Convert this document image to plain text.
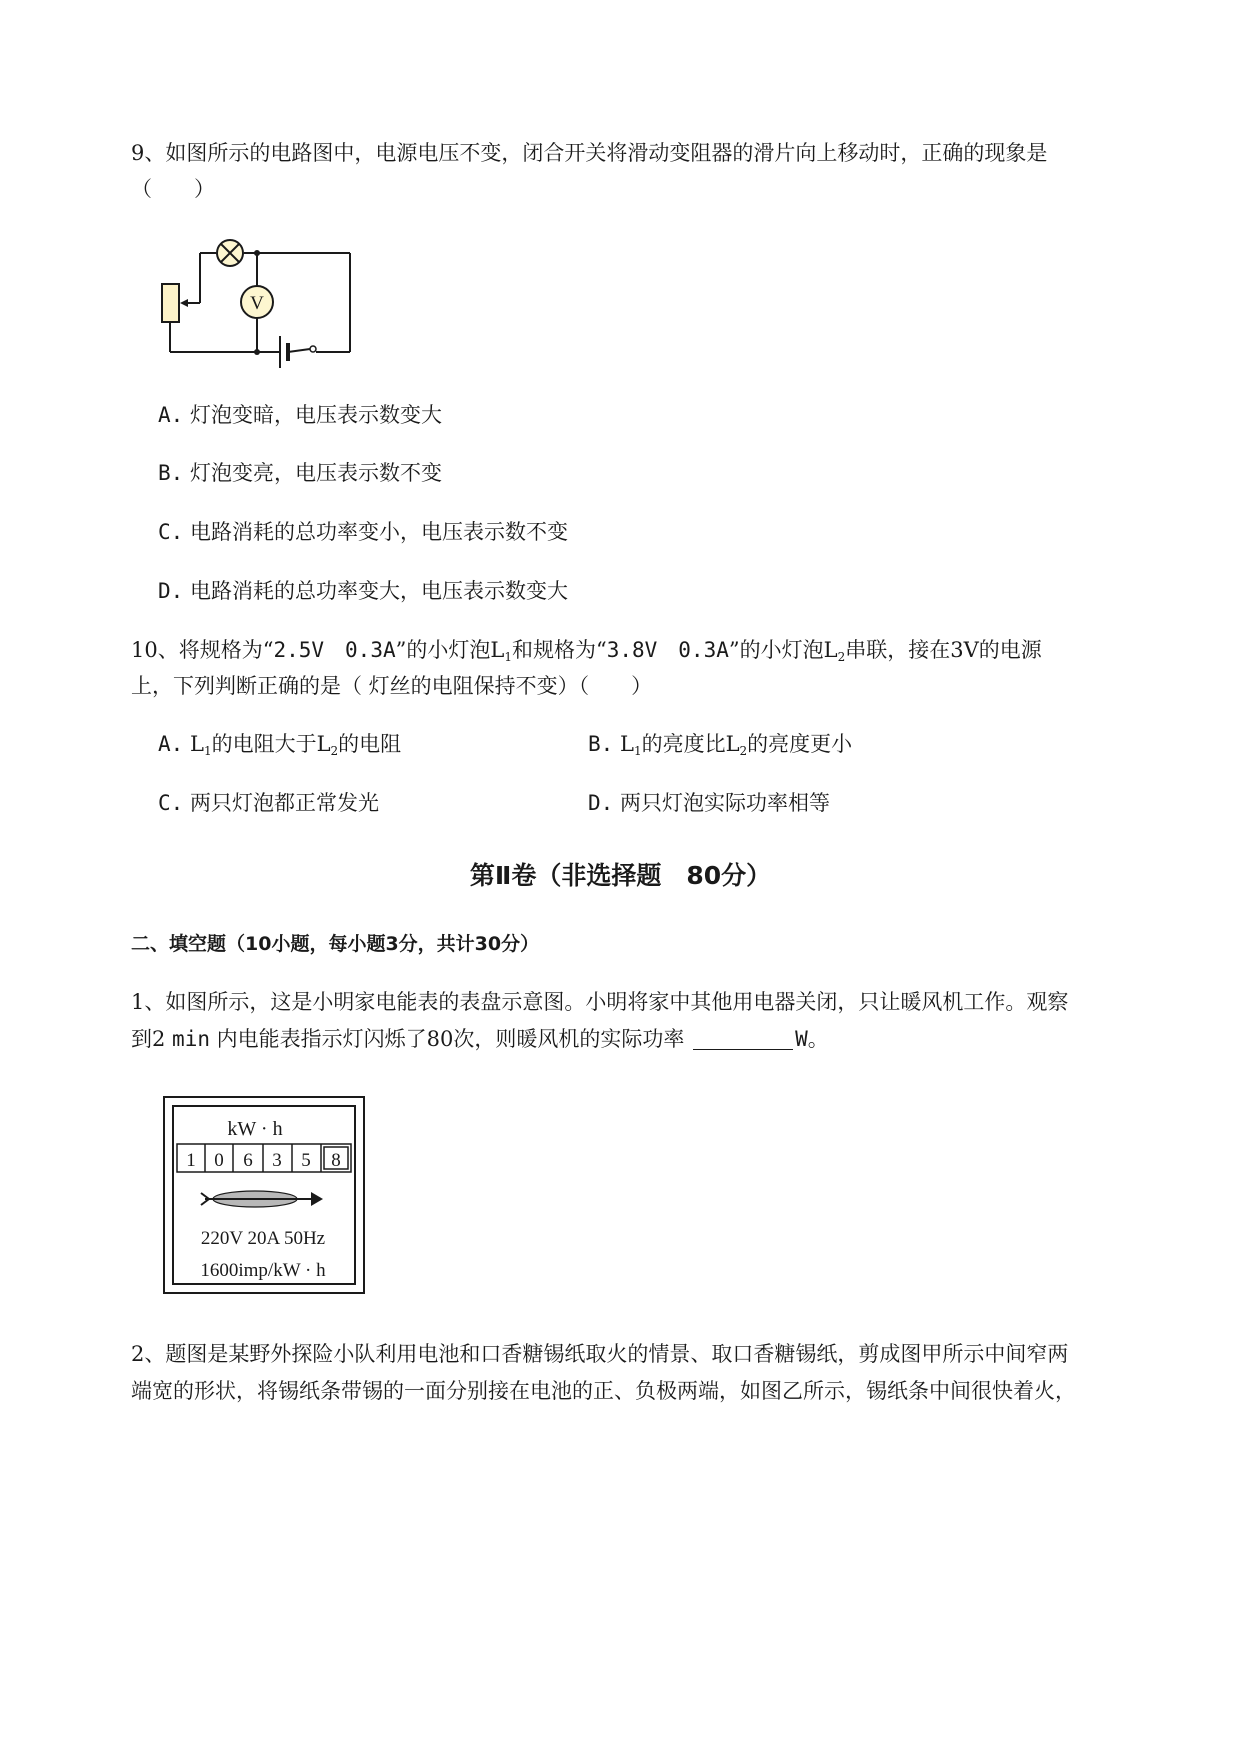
9、如图所示的电路图中，电源电压不变，闭合开关将滑动变阻器的滑片向上移动时，正确的现象是
（　　）
V
A. 灯泡变暗，电压表示数变大
B. 灯泡变亮，电压表示数不变
C. 电路消耗的总功率变小，电压表示数不变
D. 电路消耗的总功率变大，电压表示数变大
10、将规格为“2.5V　0.3A”的小灯泡$L_1$和规格为“3.8V　0.3A”的小灯泡$L_2$串联，接在3V的电源
上，下列判断正确的是（ 灯丝的电阻保持不变）（　　）
A. $L_1$的电阻大于$L_2$的电阻	B. $L_1$的亮度比$L_2$的亮度更小
C. 两只灯泡都正常发光	D. 两只灯泡实际功率相等
第Ⅱ卷（非选择题　80分）
二、填空题（10小题，每小题3分，共计30分）
1、如图所示，这是小明家电能表的表盘示意图。小明将家中其他用电器关闭，只让暖风机工作。观察
到2 min 内电能表指示灯闪烁了80次，则暖风机的实际功率	W。
kW · h
1 0 6 3 5 8
220V 20A 50Hz
1600imp/kW · h
2、题图是某野外探险小队利用电池和口香糖锡纸取火的情景、取口香糖锡纸，剪成图甲所示中间窄两
端宽的形状，将锡纸条带锡的一面分别接在电池的正、负极两端，如图乙所示，锡纸条中间很快着火，
